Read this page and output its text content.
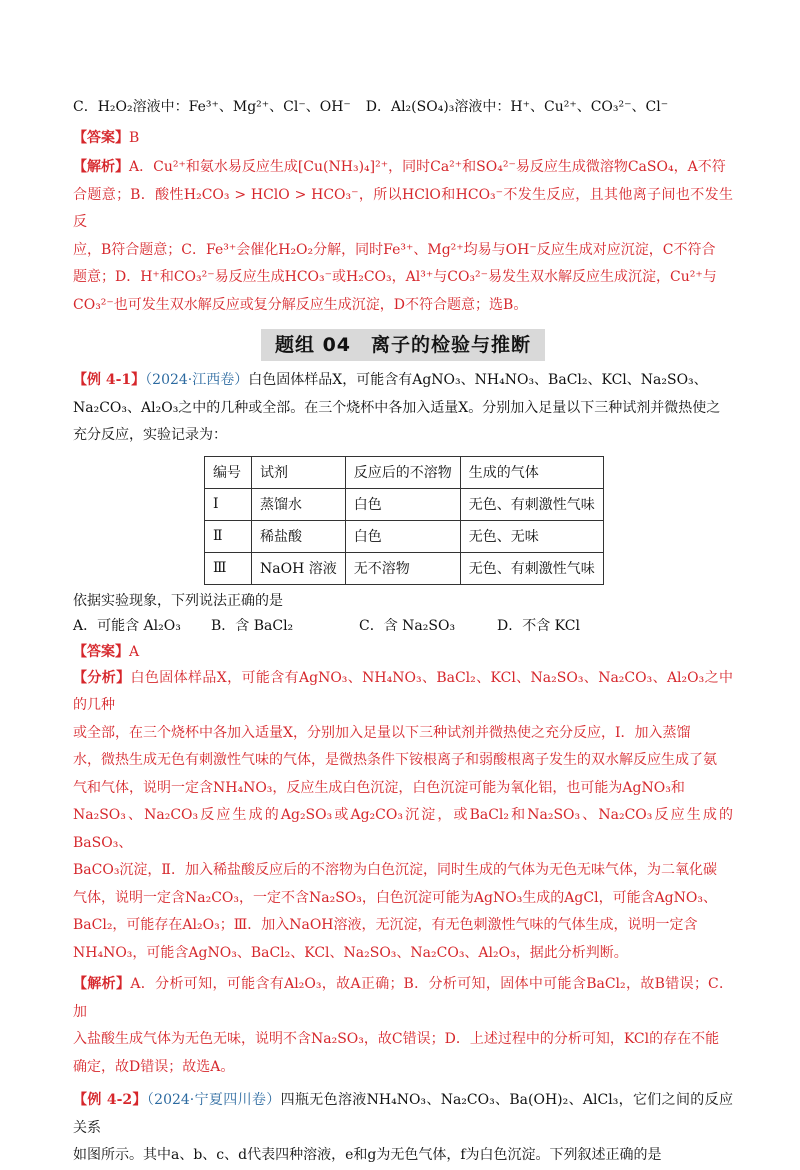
C．H₂O₂溶液中：Fe³⁺、Mg²⁺、Cl⁻、OH⁻ D．Al₂(SO₄)₃溶液中：H⁺、Cu²⁺、CO₃²⁻、Cl⁻
【答案】B
【解析】A．Cu²⁺和氨水易反应生成[Cu(NH₃)₄]²⁺，同时Ca²⁺和SO₄²⁻易反应生成微溶物CaSO₄，A不符
合题意；B．酸性H₂CO₃ > HClO > HCO₃⁻，所以HClO和HCO₃⁻不发生反应，且其他离子间也不发生反
应，B符合题意；C．Fe³⁺会催化H₂O₂分解，同时Fe³⁺、Mg²⁺均易与OH⁻反应生成对应沉淀，C不符合
题意；D．H⁺和CO₃²⁻易反应生成HCO₃⁻或H₂CO₃，Al³⁺与CO₃²⁻易发生双水解反应生成沉淀，Cu²⁺与
CO₃²⁻也可发生双水解反应或复分解反应生成沉淀，D不符合题意；选B。
题组 04　离子的检验与推断
【例 4-1】（2024·江西卷）白色固体样品X，可能含有AgNO₃、NH₄NO₃、BaCl₂、KCl、Na₂SO₃、
Na₂CO₃、Al₂O₃之中的几种或全部。在三个烧杯中各加入适量X。分别加入足量以下三种试剂并微热使之
充分反应，实验记录为：
编号	试剂	反应后的不溶物	生成的气体
Ⅰ	蒸馏水	白色	无色、有刺激性气味
Ⅱ	稀盐酸	白色	无色、无味
Ⅲ	NaOH 溶液	无不溶物	无色、有刺激性气味
依据实验现象，下列说法正确的是
A．可能含 Al₂O₃	B．含 BaCl₂	C．含 Na₂SO₃	D．不含 KCl
【答案】A
【分析】白色固体样品X，可能含有AgNO₃、NH₄NO₃、BaCl₂、KCl、Na₂SO₃、Na₂CO₃、Al₂O₃之中的几种
或全部，在三个烧杯中各加入适量X，分别加入足量以下三种试剂并微热使之充分反应，Ⅰ．加入蒸馏
水，微热生成无色有刺激性气味的气体，是微热条件下铵根离子和弱酸根离子发生的双水解反应生成了氨
气和气体，说明一定含NH₄NO₃，反应生成白色沉淀，白色沉淀可能为氧化铝，也可能为AgNO₃和
Na₂SO₃、Na₂CO₃反应生成的Ag₂SO₃或Ag₂CO₃沉淀，或BaCl₂和Na₂SO₃、Na₂CO₃反应生成的BaSO₃、
BaCO₃沉淀，Ⅱ．加入稀盐酸反应后的不溶物为白色沉淀，同时生成的气体为无色无味气体，为二氧化碳
气体，说明一定含Na₂CO₃，一定不含Na₂SO₃，白色沉淀可能为AgNO₃生成的AgCl，可能含AgNO₃、
BaCl₂，可能存在Al₂O₃；Ⅲ．加入NaOH溶液，无沉淀，有无色刺激性气味的气体生成，说明一定含
NH₄NO₃，可能含AgNO₃、BaCl₂、KCl、Na₂SO₃、Na₂CO₃、Al₂O₃，据此分析判断。
【解析】A．分析可知，可能含有Al₂O₃，故A正确；B．分析可知，固体中可能含BaCl₂，故B错误；C．加
入盐酸生成气体为无色无味，说明不含Na₂SO₃，故C错误；D．上述过程中的分析可知，KCl的存在不能
确定，故D错误；故选A。
【例 4-2】（2024·宁夏四川卷）四瓶无色溶液NH₄NO₃、Na₂CO₃、Ba(OH)₂、AlCl₃，它们之间的反应关系
如图所示。其中a、b、c、d代表四种溶液，e和g为无色气体，f为白色沉淀。下列叙述正确的是
